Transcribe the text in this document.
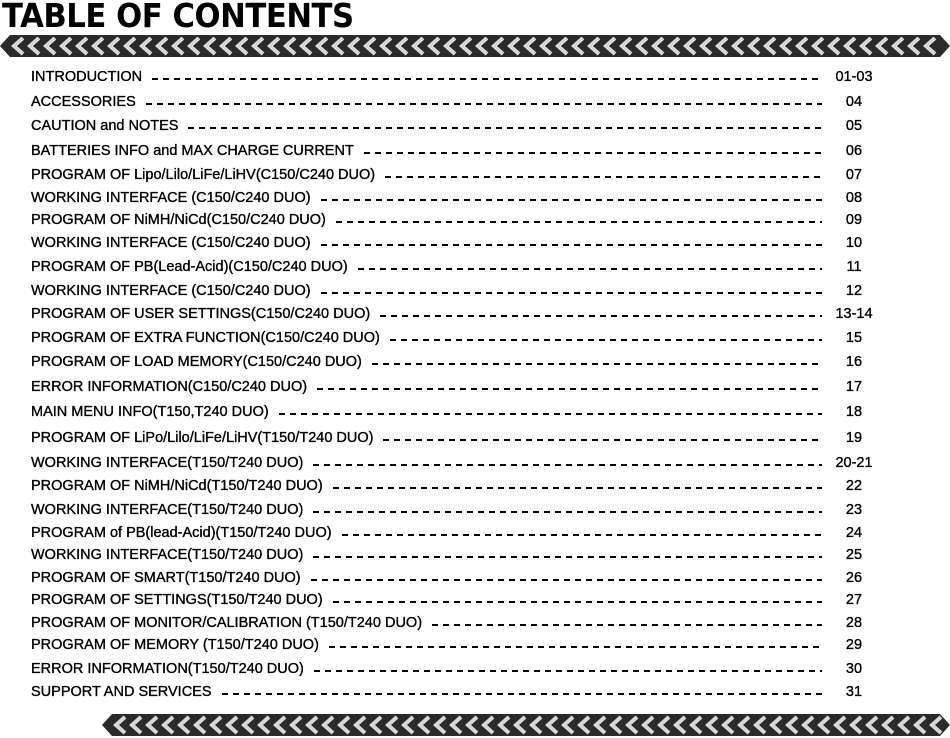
TABLE OF CONTENTS
INTRODUCTION	01-03
ACCESSORIES	04
CAUTION and NOTES	05
BATTERIES INFO and MAX CHARGE CURRENT	06
PROGRAM OF Lipo/Lilo/LiFe/LiHV(C150/C240 DUO)	07
WORKING INTERFACE (C150/C240 DUO)	08
PROGRAM OF NiMH/NiCd(C150/C240 DUO)	09
WORKING INTERFACE (C150/C240 DUO)	10
PROGRAM OF PB(Lead-Acid)(C150/C240 DUO)	11
WORKING INTERFACE (C150/C240 DUO)	12
PROGRAM OF USER SETTINGS(C150/C240 DUO)	13-14
PROGRAM OF EXTRA FUNCTION(C150/C240 DUO)	15
PROGRAM OF LOAD MEMORY(C150/C240 DUO)	16
ERROR INFORMATION(C150/C240 DUO)	17
MAIN MENU INFO(T150,T240 DUO)	18
PROGRAM OF LiPo/Lilo/LiFe/LiHV(T150/T240 DUO)	19
WORKING INTERFACE(T150/T240 DUO)	20-21
PROGRAM OF NiMH/NiCd(T150/T240 DUO)	22
WORKING INTERFACE(T150/T240 DUO)	23
PROGRAM of PB(lead-Acid)(T150/T240 DUO)	24
WORKING INTERFACE(T150/T240 DUO)	25
PROGRAM OF SMART(T150/T240 DUO)	26
PROGRAM OF SETTINGS(T150/T240 DUO)	27
PROGRAM OF MONITOR/CALIBRATION (T150/T240 DUO)	28
PROGRAM OF MEMORY (T150/T240 DUO)	29
ERROR INFORMATION(T150/T240 DUO)	30
SUPPORT AND SERVICES	31
